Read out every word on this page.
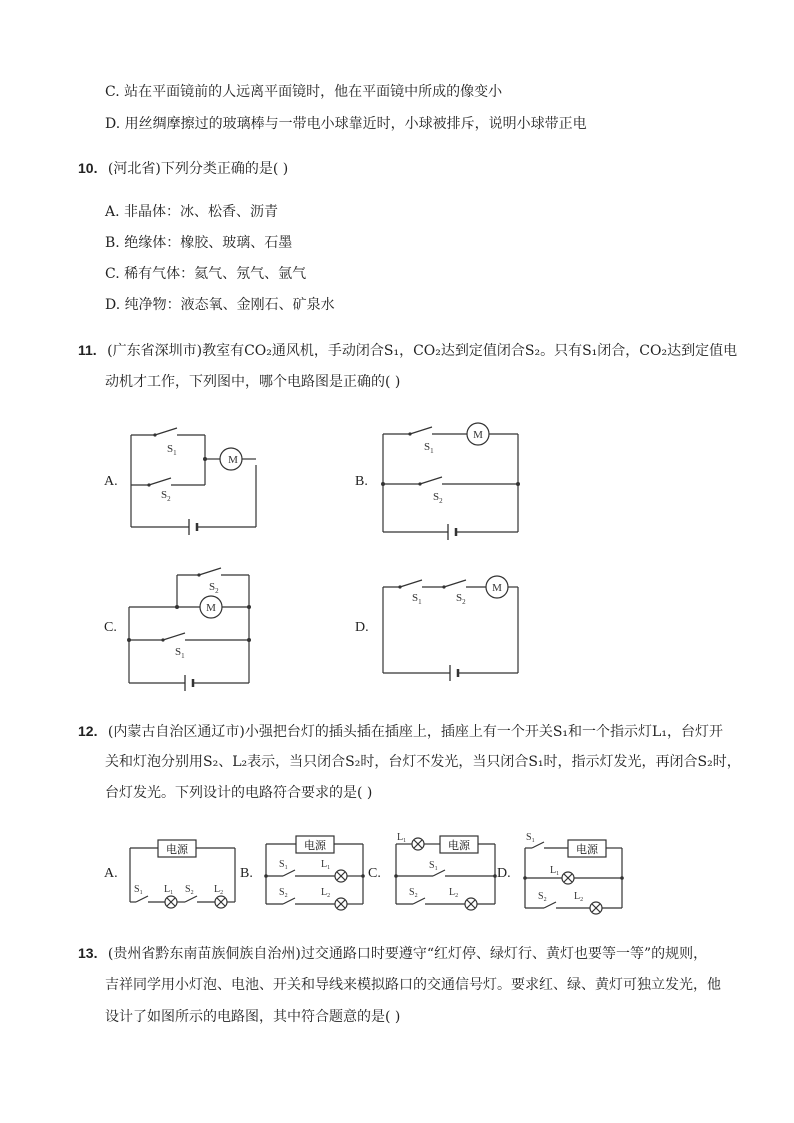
C. 站在平面镜前的人远离平面镜时，他在平面镜中所成的像变小
D. 用丝绸摩擦过的玻璃棒与一带电小球靠近时，小球被排斥，说明小球带正电
10. (河北省)下列分类正确的是( )
A. 非晶体：冰、松香、沥青
B. 绝缘体：橡胶、玻璃、石墨
C. 稀有气体：氦气、氖气、氩气
D. 纯净物：液态氧、金刚石、矿泉水
11. (广东省深圳市)教室有CO₂通风机，手动闭合S₁，CO₂达到定值闭合S₂。只有S₁闭合，CO₂达到定值电
动机才工作，下列图中，哪个电路图是正确的( )
A.
M
$S_1$
$S_2$
B.
M
$S_1$
$S_2$
C.
M
$S_2$
$S_1$
D.
M
$S_1$	$S_2$
12. (内蒙古自治区通辽市)小强把台灯的插头插在插座上，插座上有一个开关S₁和一个指示灯L₁，台灯开
关和灯泡分别用S₂、L₂表示，当只闭合S₂时，台灯不发光，当只闭合S₁时，指示灯发光，再闭合S₂时，
台灯发光。下列设计的电路符合要求的是( )
A.
电源
$S_1$ $L_1$ $S_2$ $L_2$
B.
电源
$S_1$	$L_1$
$S_2$	$L_2$
C.
电源
$L_1$
$S_1$
$S_2$	$L_2$
D.
电源
$S_1$
$L_1$
$S_2$	$L_2$
13. (贵州省黔东南苗族侗族自治州)过交通路口时要遵守“红灯停、绿灯行、黄灯也要等一等”的规则，
吉祥同学用小灯泡、电池、开关和导线来模拟路口的交通信号灯。要求红、绿、黄灯可独立发光，他
设计了如图所示的电路图，其中符合题意的是( )
